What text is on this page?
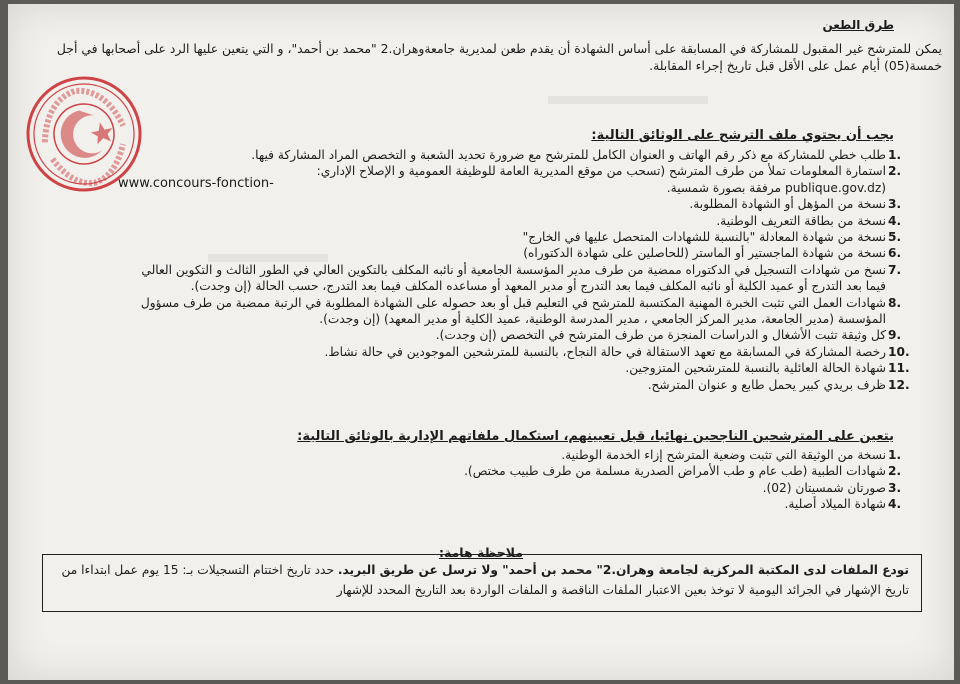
طرق الطعن
يمكن للمترشح غير المقبول للمشاركة في المسابقة على أساس الشهادة أن يقدم طعن لمديرية جامعةوهران.2 "محمد بن أحمد"، و التي يتعين عليها الرد على أصحابها في أجل خمسة(05) أيام عمل على الأقل قبل تاريخ إجراء المقابلة.
يجب أن يحتوي ملف الترشح على الوثائق التالية:
1.
طلب خطي للمشاركة مع ذكر رقم الهاتف و العنوان الكامل للمترشح مع ضرورة تحديد الشعبة و التخصص المراد المشاركة فيها.
2.
استمارة المعلومات تملأ من طرف المترشح (تسحب من موقع المديرية العامة للوظيفة العمومية و الإصلاح الإداري:
(publique.gov.dz مرفقة بصورة شمسية.
3.
نسخة من المؤهل أو الشهادة المطلوبة.
4.
نسخة من بطاقة التعريف الوطنية.
5.
نسخة من شهادة المعادلة "بالنسبة للشهادات المتحصل عليها في الخارج"
6.
نسخة من شهادة الماجستير أو الماستر (للحاصلين على شهادة الدكتوراه)
7.
نسخ من شهادات التسجيل في الدكتوراه ممضية من طرف مدير المؤسسة الجامعية أو نائبه المكلف بالتكوين العالي في الطور الثالث و التكوين العالي فيما بعد التدرج أو عميد الكلية أو نائبه المكلف فيما بعد التدرج أو مدير المعهد أو مساعده المكلف فيما بعد التدرج، حسب الحالة (إن وجدت).
8.
شهادات العمل التي تثبت الخبرة المهنية المكتسبة للمترشح في التعليم قبل أو بعد حصوله على الشهادة المطلوبة في الرتبة ممضية من طرف مسؤول المؤسسة (مدير الجامعة، مدير المركز الجامعي ، مدير المدرسة الوطنية، عميد الكلية أو مدير المعهد) (إن وجدت).
9.
كل وثيقة تثبت الأشغال و الدراسات المنجزة من طرف المترشح في التخصص (إن وجدت).
10.
رخصة المشاركة في المسابقة مع تعهد الاستقالة في حالة النجاح، بالنسبة للمترشحين الموجودين في حالة نشاط.
11.
شهادة الحالة العائلية بالنسبة للمترشحين المتزوجين.
12.
ظرف بريدي كبير يحمل طابع و عنوان المترشح.
www.concours-fonction-
يتعين على المترشحين الناجحين نهائيا، قبل تعيينهم، استكمال ملفاتهم الإدارية بالوثائق التالية:
1.
نسخة من الوثيقة التي تثبت وضعية المترشح إزاء الخدمة الوطنية.
2.
شهادات الطبية (طب عام و طب الأمراض الصدرية مسلمة من طرف طبيب مختص).
3.
صورتان شمسيتان (02).
4.
شهادة الميلاد أصلية.
ملاحظة هامة:
تودع الملفات لدى المكتبة المركزية لجامعة وهران.2" محمد بن أحمد" ولا ترسل عن طريق البريد. حدد تاريخ اختتام التسجيلات بـ: 15 يوم عمل ابتداءا من تاريخ الإشهار في الجرائد اليومية لا توخذ بعين الاعتبار الملفات الناقصة و الملفات الواردة بعد التاريخ المحدد للإشهار
